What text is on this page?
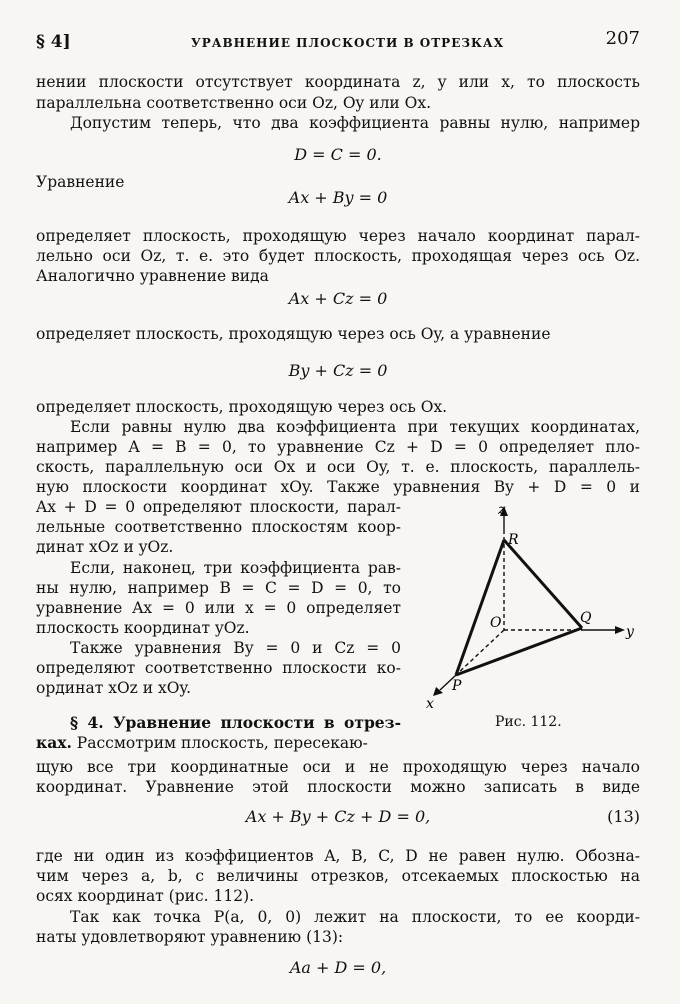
§ 4]	УРАВНЕНИЕ ПЛОСКОСТИ В ОТРЕЗКАХ	207
нении плоскости отсутствует координата z, y или x, то плоскость
параллельна соответственно оси Oz, Oy или Ox.
Допустим теперь, что два коэффициента равны нулю, например
D = C = 0.
Уравнение
Ax + By = 0
определяет плоскость, проходящую через начало координат парал-
лельно оси Oz, т. е. это будет плоскость, проходящая через ось Oz.
Аналогично уравнение вида
Ax + Cz = 0
определяет плоскость, проходящую через ось Oy, а уравнение
By + Cz = 0
определяет плоскость, проходящую через ось Ox.
Если равны нулю два коэффициента при текущих координатах,
например A = B = 0, то уравнение Cz + D = 0 определяет пло-
скость, параллельную оси Ox и оси Oy, т. е. плоскость, параллель-
ную плоскости координат xOy. Также уравнения By + D = 0 и
Ax + D = 0 определяют плоскости, парал-
лельные соответственно плоскостям коор-
динат xOz и yOz.
Если, наконец, три коэффициента рав-
ны нулю, например B = C = D = 0, то
уравнение Ax = 0 или x = 0 определяет
плоскость координат yOz.
Также уравнения By = 0 и Cz = 0
определяют соответственно плоскости ко-
ординат xOz и xOy.
§ 4. Уравнение плоскости в отрез-
ках. Рассмотрим плоскость, пересекаю-
щую все три координатные оси и не проходящую через начало
координат. Уравнение этой плоскости можно записать в виде
Ax + By + Cz + D = 0,	(13)
где ни один из коэффициентов A, B, C, D не равен нулю. Обозна-
чим через a, b, c величины отрезков, отсекаемых плоскостью на
осях координат (рис. 112).
Так как точка P(a, 0, 0) лежит на плоскости, то ее коорди-
наты удовлетворяют уравнению (13):
Aa + D = 0,
z
y
x
R
Q
P
O
Рис. 112.
